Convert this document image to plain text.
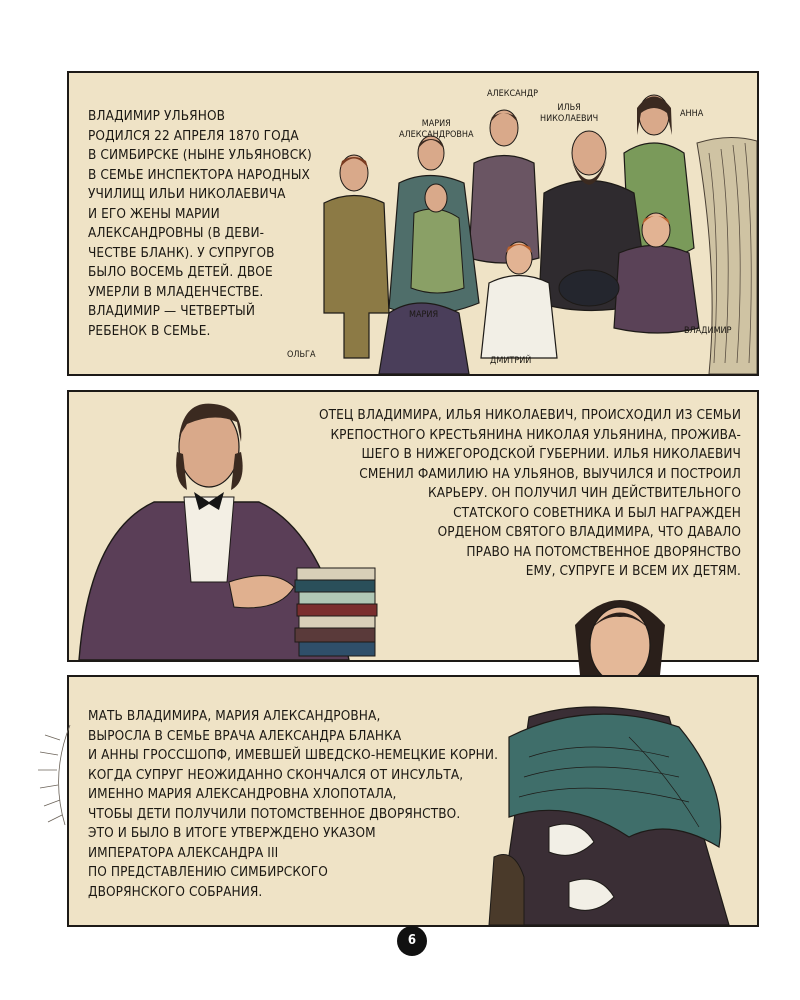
ВЛАДИМИР УЛЬЯНОВ
РОДИЛСЯ 22 АПРЕЛЯ 1870 ГОДА
В СИМБИРСКЕ (НЫНЕ УЛЬЯНОВСК)
В СЕМЬЕ ИНСПЕКТОРА НАРОДНЫХ
УЧИЛИЩ ИЛЬИ НИКОЛАЕВИЧА
И ЕГО ЖЕНЫ МАРИИ
АЛЕКСАНДРОВНЫ (В ДЕВИ-
ЧЕСТВЕ БЛАНК). У СУПРУГОВ
БЫЛО ВОСЕМЬ ДЕТЕЙ. ДВОЕ
УМЕРЛИ В МЛАДЕНЧЕСТВЕ.
ВЛАДИМИР — ЧЕТВЕРТЫЙ
РЕБЕНОК В СЕМЬЕ.

АЛЕКСАНДР
ИЛЬЯ
НИКОЛАЕВИЧ	АННА
МАРИЯ
АЛЕКСАНДРОВНА
МАРИЯ
ОЛЬГА
ДМИТРИЙ
ВЛАДИМИР

ОТЕЦ ВЛАДИМИРА, ИЛЬЯ НИКОЛАЕВИЧ, ПРОИСХОДИЛ ИЗ СЕМЬИ
КРЕПОСТНОГО КРЕСТЬЯНИНА НИКОЛАЯ УЛЬЯНИНА, ПРОЖИВА-
ШЕГО В НИЖЕГОРОДСКОЙ ГУБЕРНИИ. ИЛЬЯ НИКОЛАЕВИЧ
СМЕНИЛ ФАМИЛИЮ НА УЛЬЯНОВ, ВЫУЧИЛСЯ И ПОСТРОИЛ
КАРЬЕРУ. ОН ПОЛУЧИЛ ЧИН ДЕЙСТВИТЕЛЬНОГО
СТАТСКОГО СОВЕТНИКА И БЫЛ НАГРАЖДЕН
ОРДЕНОМ СВЯТОГО ВЛАДИМИРА, ЧТО ДАВАЛО
ПРАВО НА ПОТОМСТВЕННОЕ ДВОРЯНСТВО
ЕМУ, СУПРУГЕ И ВСЕМ ИХ ДЕТЯМ.

МАТЬ ВЛАДИМИРА, МАРИЯ АЛЕКСАНДРОВНА,
ВЫРОСЛА В СЕМЬЕ ВРАЧА АЛЕКСАНДРА БЛАНКА
И АННЫ ГРОССШОПФ, ИМЕВШЕЙ ШВЕДСКО-НЕМЕЦКИЕ КОРНИ.
КОГДА СУПРУГ НЕОЖИДАННО СКОНЧАЛСЯ ОТ ИНСУЛЬТА,
ИМЕННО МАРИЯ АЛЕКСАНДРОВНА ХЛОПОТАЛА,
ЧТОБЫ ДЕТИ ПОЛУЧИЛИ ПОТОМСТВЕННОЕ ДВОРЯНСТВО.
ЭТО И БЫЛО В ИТОГЕ УТВЕРЖДЕНО УКАЗОМ
ИМПЕРАТОРА АЛЕКСАНДРА III
ПО ПРЕДСТАВЛЕНИЮ СИМБИРСКОГО
ДВОРЯНСКОГО СОБРАНИЯ.

6
